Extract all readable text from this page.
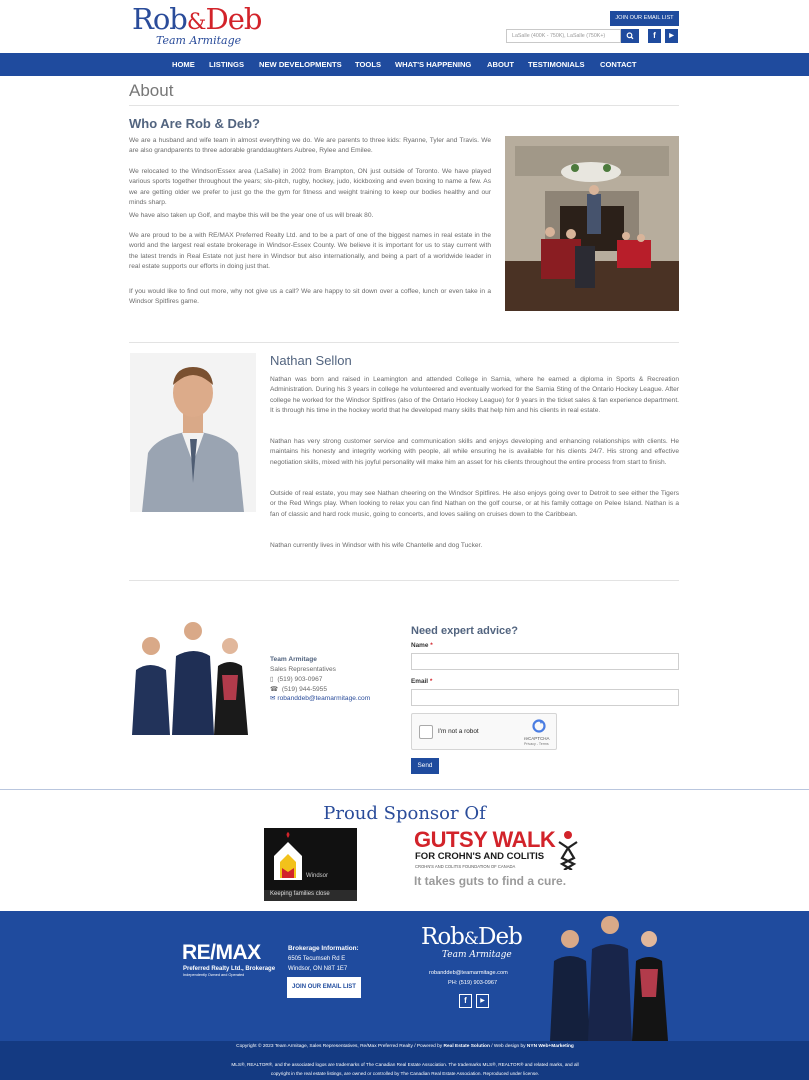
Rob&Deb
Team Armitage
JOIN OUR EMAIL LIST
LaSalle (400K - 750K), LaSalle (750K+)	f	▶
HOME LISTINGS NEW DEVELOPMENTS TOOLS WHAT'S HAPPENING ABOUT TESTIMONIALS CONTACT
About
Who Are Rob & Deb?
We are a husband and wife team in almost everything we do. We are parents to three kids: Ryanne, Tyler and Travis. We are also grandparents to three adorable granddaughters Aubree, Rylee and Emilee.
We relocated to the Windsor/Essex area (LaSalle) in 2002 from Brampton, ON just outside of Toronto. We have played various sports together throughout the years; slo-pitch, rugby, hockey, judo, kickboxing and even boxing to name a few. As we are getting older we prefer to just go the the gym for fitness and weight training to keep our bodies healthy and our minds sharp.
We have also taken up Golf, and maybe this will be the year one of us will break 80.
We are proud to be a with RE/MAX Preferred Realty Ltd. and to be a part of one of the biggest names in real estate in the world and the largest real estate brokerage in Windsor-Essex County. We believe it is important for us to stay current with the latest trends in Real Estate not just here in Windsor but also internationally, and being a part of a worldwide leader in real estate supports our efforts in doing just that.
If you would like to find out more, why not give us a call? We are happy to sit down over a coffee, lunch or even take in a Windsor Spitfires game.
Nathan Sellon
Nathan was born and raised in Leamington and attended College in Sarnia, where he earned a diploma in Sports & Recreation Administration. During his 3 years in college he volunteered and eventually worked for the Sarnia Sting of the Ontario Hockey League. After college he worked for the Windsor Spitfires (also of the Ontario Hockey League) for 9 years in the ticket sales & fan experience department. It is through his time in the hockey world that he developed many skills that help him and his clients in real estate.
Nathan has very strong customer service and communication skills and enjoys developing and enhancing relationships with clients. He maintains his honesty and integrity working with people, all while ensuring he is available for his clients 24/7. His strong and effective negotiation skills, mixed with his joyful personality will make him an asset for his clients throughout the entire process from start to finish.
Outside of real estate, you may see Nathan cheering on the Windsor Spitfires. He also enjoys going over to Detroit to see either the Tigers or the Red Wings play. When looking to relax you can find Nathan on the golf course, or at his family cottage on Pelee Island. Nathan is a fan of classic and hard rock music, going to concerts, and loves sailing on cruises down to the Caribbean.
Nathan currently lives in Windsor with his wife Chantelle and dog Tucker.
Team Armitage
Sales Representatives
▯ (519) 903-0967
☎ (519) 944-5955
✉ robanddeb@teamarmitage.com
Need expert advice?
Name *
Email *
I'm not a robot
reCAPTCHA
Privacy - Terms
Send
Proud Sponsor Of
Windsor
Keeping families close
GUTSY WALK
FOR CROHN'S AND COLITIS
CROHN'S AND COLITIS FOUNDATION OF CANADA
It takes guts to find a cure.
RE/MAX
Preferred Realty Ltd., Brokerage
Independently Owned and Operated
Brokerage Information:
6505 Tecumseh Rd E
Windsor, ON N8T 1E7
JOIN OUR EMAIL LIST
Rob&Deb
Team Armitage
robanddeb@teamarmitage.com
PH: (519) 903-0967
f	▶
Copyright © 2023 Team Armitage, Sales Representatives, Re/Max Preferred Realty / Powered by Real Estate Solution / Web design by NYN Web+Marketing
MLS®, REALTOR®, and the associated logos are trademarks of The Canadian Real Estate Association. The trademarks MLS®, REALTOR® and related marks, and all copyright in the real estate listings, are owned or controlled by The Canadian Real Estate Association. Reproduced under license.
